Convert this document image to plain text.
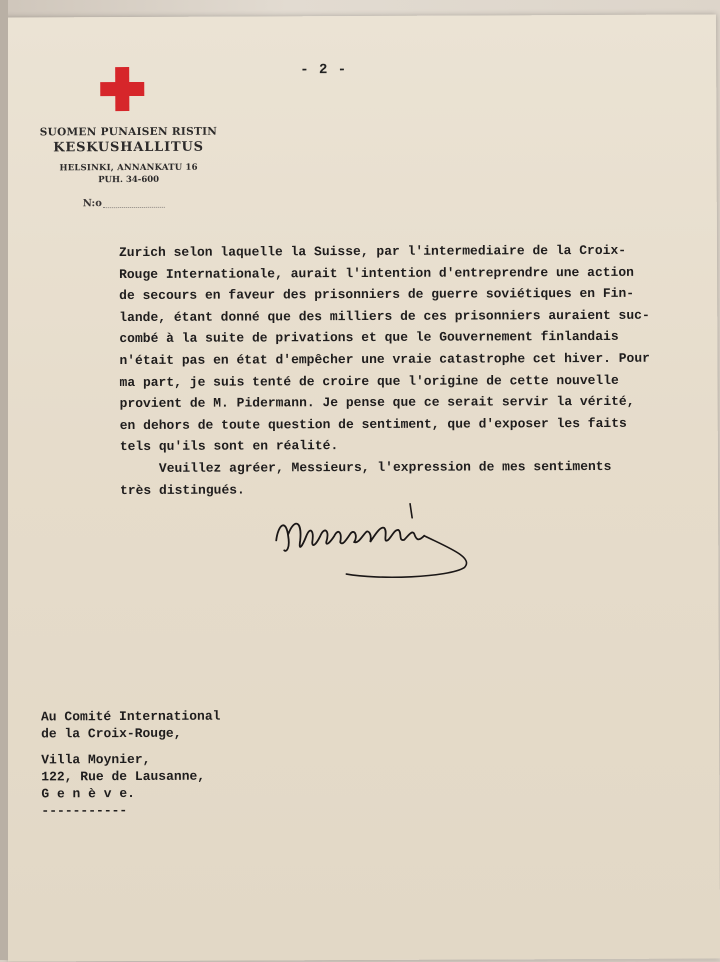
- 2 -
SUOMEN PUNAISEN RISTIN
KESKUSHALLITUS
HELSINKI, ANNANKATU 16
PUH. 34-600
N:o
Zurich selon laquelle la Suisse, par l'intermediaire de la Croix-
Rouge Internationale, aurait l'intention d'entreprendre une action
de secours en faveur des prisonniers de guerre soviétiques en Fin-
lande, étant donné que des milliers de ces prisonniers auraient suc-
combé à la suite de privations et que le Gouvernement finlandais
n'était pas en état d'empêcher une vraie catastrophe cet hiver. Pour
ma part, je suis tenté de croire que l'origine de cette nouvelle
provient de M. Pidermann. Je pense que ce serait servir la vérité,
en dehors de toute question de sentiment, que d'exposer les faits
tels qu'ils sont en réalité.
Veuillez agréer, Messieurs, l'expression de mes sentiments
très distingués.
Au Comité International
de la Croix-Rouge,
Villa Moynier,
122, Rue de Lausanne,
G e n è v e.
-----------
